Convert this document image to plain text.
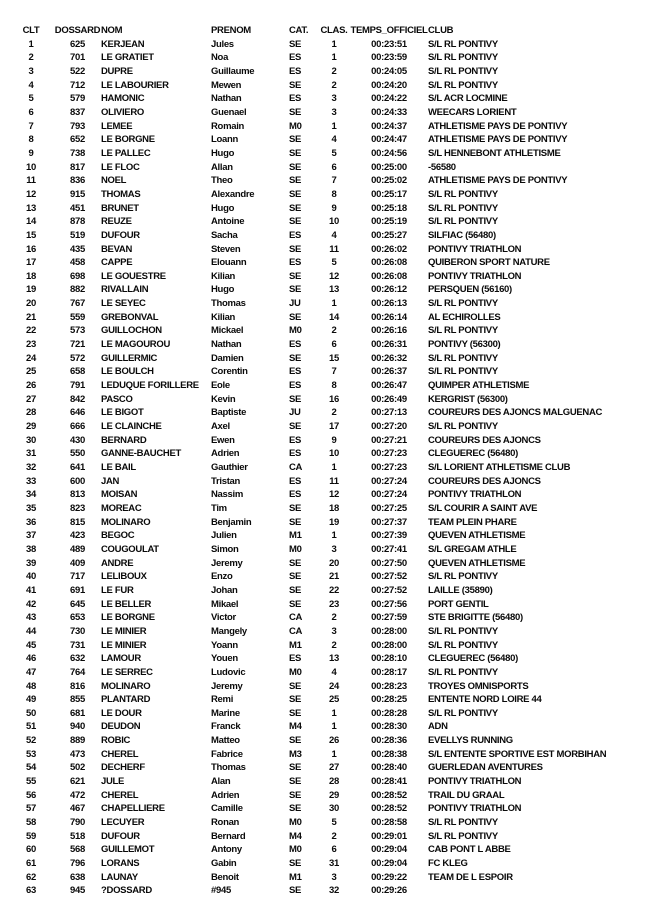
CLT	DOSSARD	NOM	PRENOM	CAT.	CLAS.	TEMPS_OFFICIEL	CLUB
1	625	KERJEAN	Jules	SE	1	00:23:51	S/L RL PONTIVY
2	701	LE GRATIET	Noa	ES	1	00:23:59	S/L RL PONTIVY
3	522	DUPRE	Guillaume	ES	2	00:24:05	S/L RL PONTIVY
4	712	LE LABOURIER	Mewen	SE	2	00:24:20	S/L RL PONTIVY
5	579	HAMONIC	Nathan	ES	3	00:24:22	S/L ACR LOCMINE
6	837	OLIVIERO	Guenael	SE	3	00:24:33	WEECARS LORIENT
7	793	LEMEE	Romain	M0	1	00:24:37	ATHLETISME PAYS DE PONTIVY
8	652	LE BORGNE	Loann	SE	4	00:24:47	ATHLETISME PAYS DE PONTIVY
9	738	LE PALLEC	Hugo	SE	5	00:24:56	S/L HENNEBONT ATHLETISME
10	817	LE FLOC	Allan	SE	6	00:25:00	-56580
11	836	NOEL	Theo	SE	7	00:25:02	ATHLETISME PAYS DE PONTIVY
12	915	THOMAS	Alexandre	SE	8	00:25:17	S/L RL PONTIVY
13	451	BRUNET	Hugo	SE	9	00:25:18	S/L RL PONTIVY
14	878	REUZE	Antoine	SE	10	00:25:19	S/L RL PONTIVY
15	519	DUFOUR	Sacha	ES	4	00:25:27	SILFIAC (56480)
16	435	BEVAN	Steven	SE	11	00:26:02	PONTIVY TRIATHLON
17	458	CAPPE	Elouann	ES	5	00:26:08	QUIBERON SPORT NATURE
18	698	LE GOUESTRE	Kilian	SE	12	00:26:08	PONTIVY TRIATHLON
19	882	RIVALLAIN	Hugo	SE	13	00:26:12	PERSQUEN (56160)
20	767	LE SEYEC	Thomas	JU	1	00:26:13	S/L RL PONTIVY
21	559	GREBONVAL	Kilian	SE	14	00:26:14	AL ECHIROLLES
22	573	GUILLOCHON	Mickael	M0	2	00:26:16	S/L RL PONTIVY
23	721	LE MAGOUROU	Nathan	ES	6	00:26:31	PONTIVY (56300)
24	572	GUILLERMIC	Damien	SE	15	00:26:32	S/L RL PONTIVY
25	658	LE BOULCH	Corentin	ES	7	00:26:37	S/L RL PONTIVY
26	791	LEDUQUE FORILLERE	Eole	ES	8	00:26:47	QUIMPER ATHLETISME
27	842	PASCO	Kevin	SE	16	00:26:49	KERGRIST (56300)
28	646	LE BIGOT	Baptiste	JU	2	00:27:13	COUREURS DES AJONCS MALGUENAC
29	666	LE CLAINCHE	Axel	SE	17	00:27:20	S/L RL PONTIVY
30	430	BERNARD	Ewen	ES	9	00:27:21	COUREURS DES AJONCS
31	550	GANNE-BAUCHET	Adrien	ES	10	00:27:23	CLEGUEREC (56480)
32	641	LE BAIL	Gauthier	CA	1	00:27:23	S/L LORIENT ATHLETISME CLUB
33	600	JAN	Tristan	ES	11	00:27:24	COUREURS DES AJONCS
34	813	MOISAN	Nassim	ES	12	00:27:24	PONTIVY TRIATHLON
35	823	MOREAC	Tim	SE	18	00:27:25	S/L COURIR A SAINT AVE
36	815	MOLINARO	Benjamin	SE	19	00:27:37	TEAM PLEIN PHARE
37	423	BEGOC	Julien	M1	1	00:27:39	QUEVEN ATHLETISME
38	489	COUGOULAT	Simon	M0	3	00:27:41	S/L GREGAM ATHLE
39	409	ANDRE	Jeremy	SE	20	00:27:50	QUEVEN ATHLETISME
40	717	LELIBOUX	Enzo	SE	21	00:27:52	S/L RL PONTIVY
41	691	LE FUR	Johan	SE	22	00:27:52	LAILLE (35890)
42	645	LE BELLER	Mikael	SE	23	00:27:56	PORT GENTIL
43	653	LE BORGNE	Victor	CA	2	00:27:59	STE BRIGITTE (56480)
44	730	LE MINIER	Mangely	CA	3	00:28:00	S/L RL PONTIVY
45	731	LE MINIER	Yoann	M1	2	00:28:00	S/L RL PONTIVY
46	632	LAMOUR	Youen	ES	13	00:28:10	CLEGUEREC (56480)
47	764	LE SERREC	Ludovic	M0	4	00:28:17	S/L RL PONTIVY
48	816	MOLINARO	Jeremy	SE	24	00:28:23	TROYES OMNISPORTS
49	855	PLANTARD	Remi	SE	25	00:28:25	ENTENTE NORD LOIRE 44
50	681	LE DOUR	Marine	SE	1	00:28:28	S/L RL PONTIVY
51	940	DEUDON	Franck	M4	1	00:28:30	ADN
52	889	ROBIC	Matteo	SE	26	00:28:36	EVELLYS RUNNING
53	473	CHEREL	Fabrice	M3	1	00:28:38	S/L ENTENTE SPORTIVE EST MORBIHAN
54	502	DECHERF	Thomas	SE	27	00:28:40	GUERLEDAN AVENTURES
55	621	JULE	Alan	SE	28	00:28:41	PONTIVY TRIATHLON
56	472	CHEREL	Adrien	SE	29	00:28:52	TRAIL DU GRAAL
57	467	CHAPELLIERE	Camille	SE	30	00:28:52	PONTIVY TRIATHLON
58	790	LECUYER	Ronan	M0	5	00:28:58	S/L RL PONTIVY
59	518	DUFOUR	Bernard	M4	2	00:29:01	S/L RL PONTIVY
60	568	GUILLEMOT	Antony	M0	6	00:29:04	CAB PONT L ABBE
61	796	LORANS	Gabin	SE	31	00:29:04	FC KLEG
62	638	LAUNAY	Benoit	M1	3	00:29:22	TEAM DE L ESPOIR
63	945	?DOSSARD	#945	SE	32	00:29:26	
